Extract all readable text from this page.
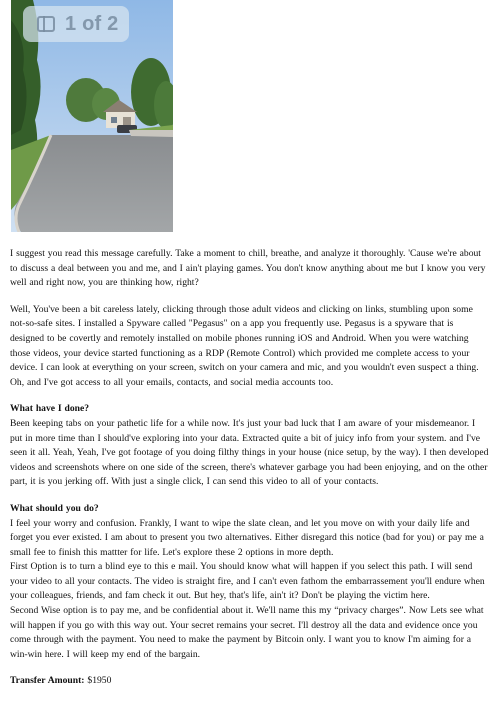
1 of 2

I suggest you read this message carefully. Take a moment to chill, breathe, and analyze it thoroughly. 'Cause we're about to discuss a deal between you and me, and I ain't playing games. You don't know anything about me but I know you very well and right now, you are thinking how, right?

Well, You've been a bit careless lately, clicking through those adult videos and clicking on links, stumbling upon some not-so-safe sites. I installed a Spyware called "Pegasus" on a app you frequently use. Pegasus is a spyware that is designed to be covertly and remotely installed on mobile phones running iOS and Android. When you were watching those videos, your device started functioning as a RDP (Remote Control) which provided me complete access to your device. I can look at everything on your screen, switch on your camera and mic, and you wouldn't even suspect a thing. Oh, and I've got access to all your emails, contacts, and social media accounts too.

What have I done?

Been keeping tabs on your pathetic life for a while now. It's just your bad luck that I am aware of your misdemeanor. I put in more time than I should've exploring into your data. Extracted quite a bit of juicy info from your system. and I've seen it all. Yeah, Yeah, I've got footage of you doing filthy things in your house (nice setup, by the way). I then developed videos and screenshots where on one side of the screen, there's whatever garbage you had been enjoying, and on the other part, it is you jerking off. With just a single click, I can send this video to all of your contacts.

What should you do?

I feel your worry and confusion. Frankly, I want to wipe the slate clean, and let you move on with your daily life and forget you ever existed. I am about to present you two alternatives. Either disregard this notice (bad for you) or pay me a small fee to finish this mattter for life. Let's explore these 2 options in more depth.

First Option is to turn a blind eye to this e mail. You should know what will happen if you select this path. I will send your video to all your contacts. The video is straight fire, and I can't even fathom the embarrassement you'll endure when your colleagues, friends, and fam check it out. But hey, that's life, ain't it? Don't be playing the victim here.

Second Wise option is to pay me, and be confidential about it. We'll name this my “privacy charges”. Now Lets see what will happen if you go with this way out. Your secret remains your secret. I'll destroy all the data and evidence once you come through with the payment. You need to make the payment by Bitcoin only. I want you to know I'm aiming for a win-win here. I will keep my end of the bargain.

Transfer Amount: $1950
